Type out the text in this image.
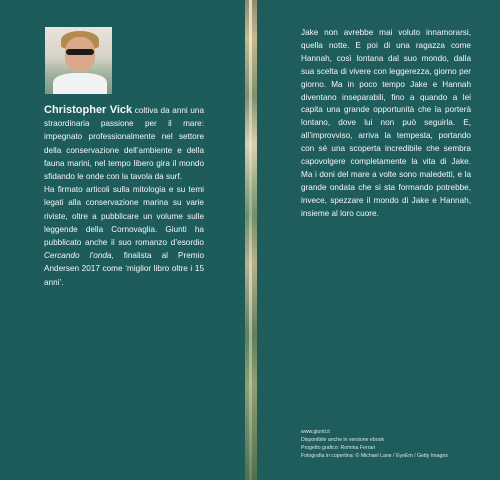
Christopher Vick coltiva da anni una straordinaria passione per il mare: impegnato professionalmente nel settore della conservazione dell’ambiente e della fauna marini, nel tempo libero gira il mondo sfidando le onde con la tavola da surf.

Ha firmato articoli sulla mitologia e su temi legati alla conservazione marina su varie riviste, oltre a pubblicare un volume sulle leggende della Cornovaglia. Giunti ha pubblicato anche il suo romanzo d’esordio Cercando l’onda, finalista al Premio Andersen 2017 come ‘miglior libro oltre i 15 anni’.

Jake non avrebbe mai voluto innamorarsi, quella notte. E poi di una ragazza come Hannah, così lontana dal suo mondo, dalla sua scelta di vivere con leggerezza, giorno per giorno. Ma in poco tempo Jake e Hannah diventano inseparabili, fino a quando a lei capita una grande opportunità che la porterà lontano, dove lui non può seguirla. E, all’improvviso, arriva la tempesta, portando con sé una scoperta incredibile che sembra capovolgere completamente la vita di Jake. Ma i doni del mare a volte sono maledetti, e la grande ondata che si sta formando potrebbe, invece, spezzare il mondo di Jake e Hannah, insieme al loro cuore.

www.giunti.it
Disponibile anche in versione ebook
Progetto grafico: Romina Ferrari
Fotografia in copertina: © Michael Lane / EyeEm / Getty Images
